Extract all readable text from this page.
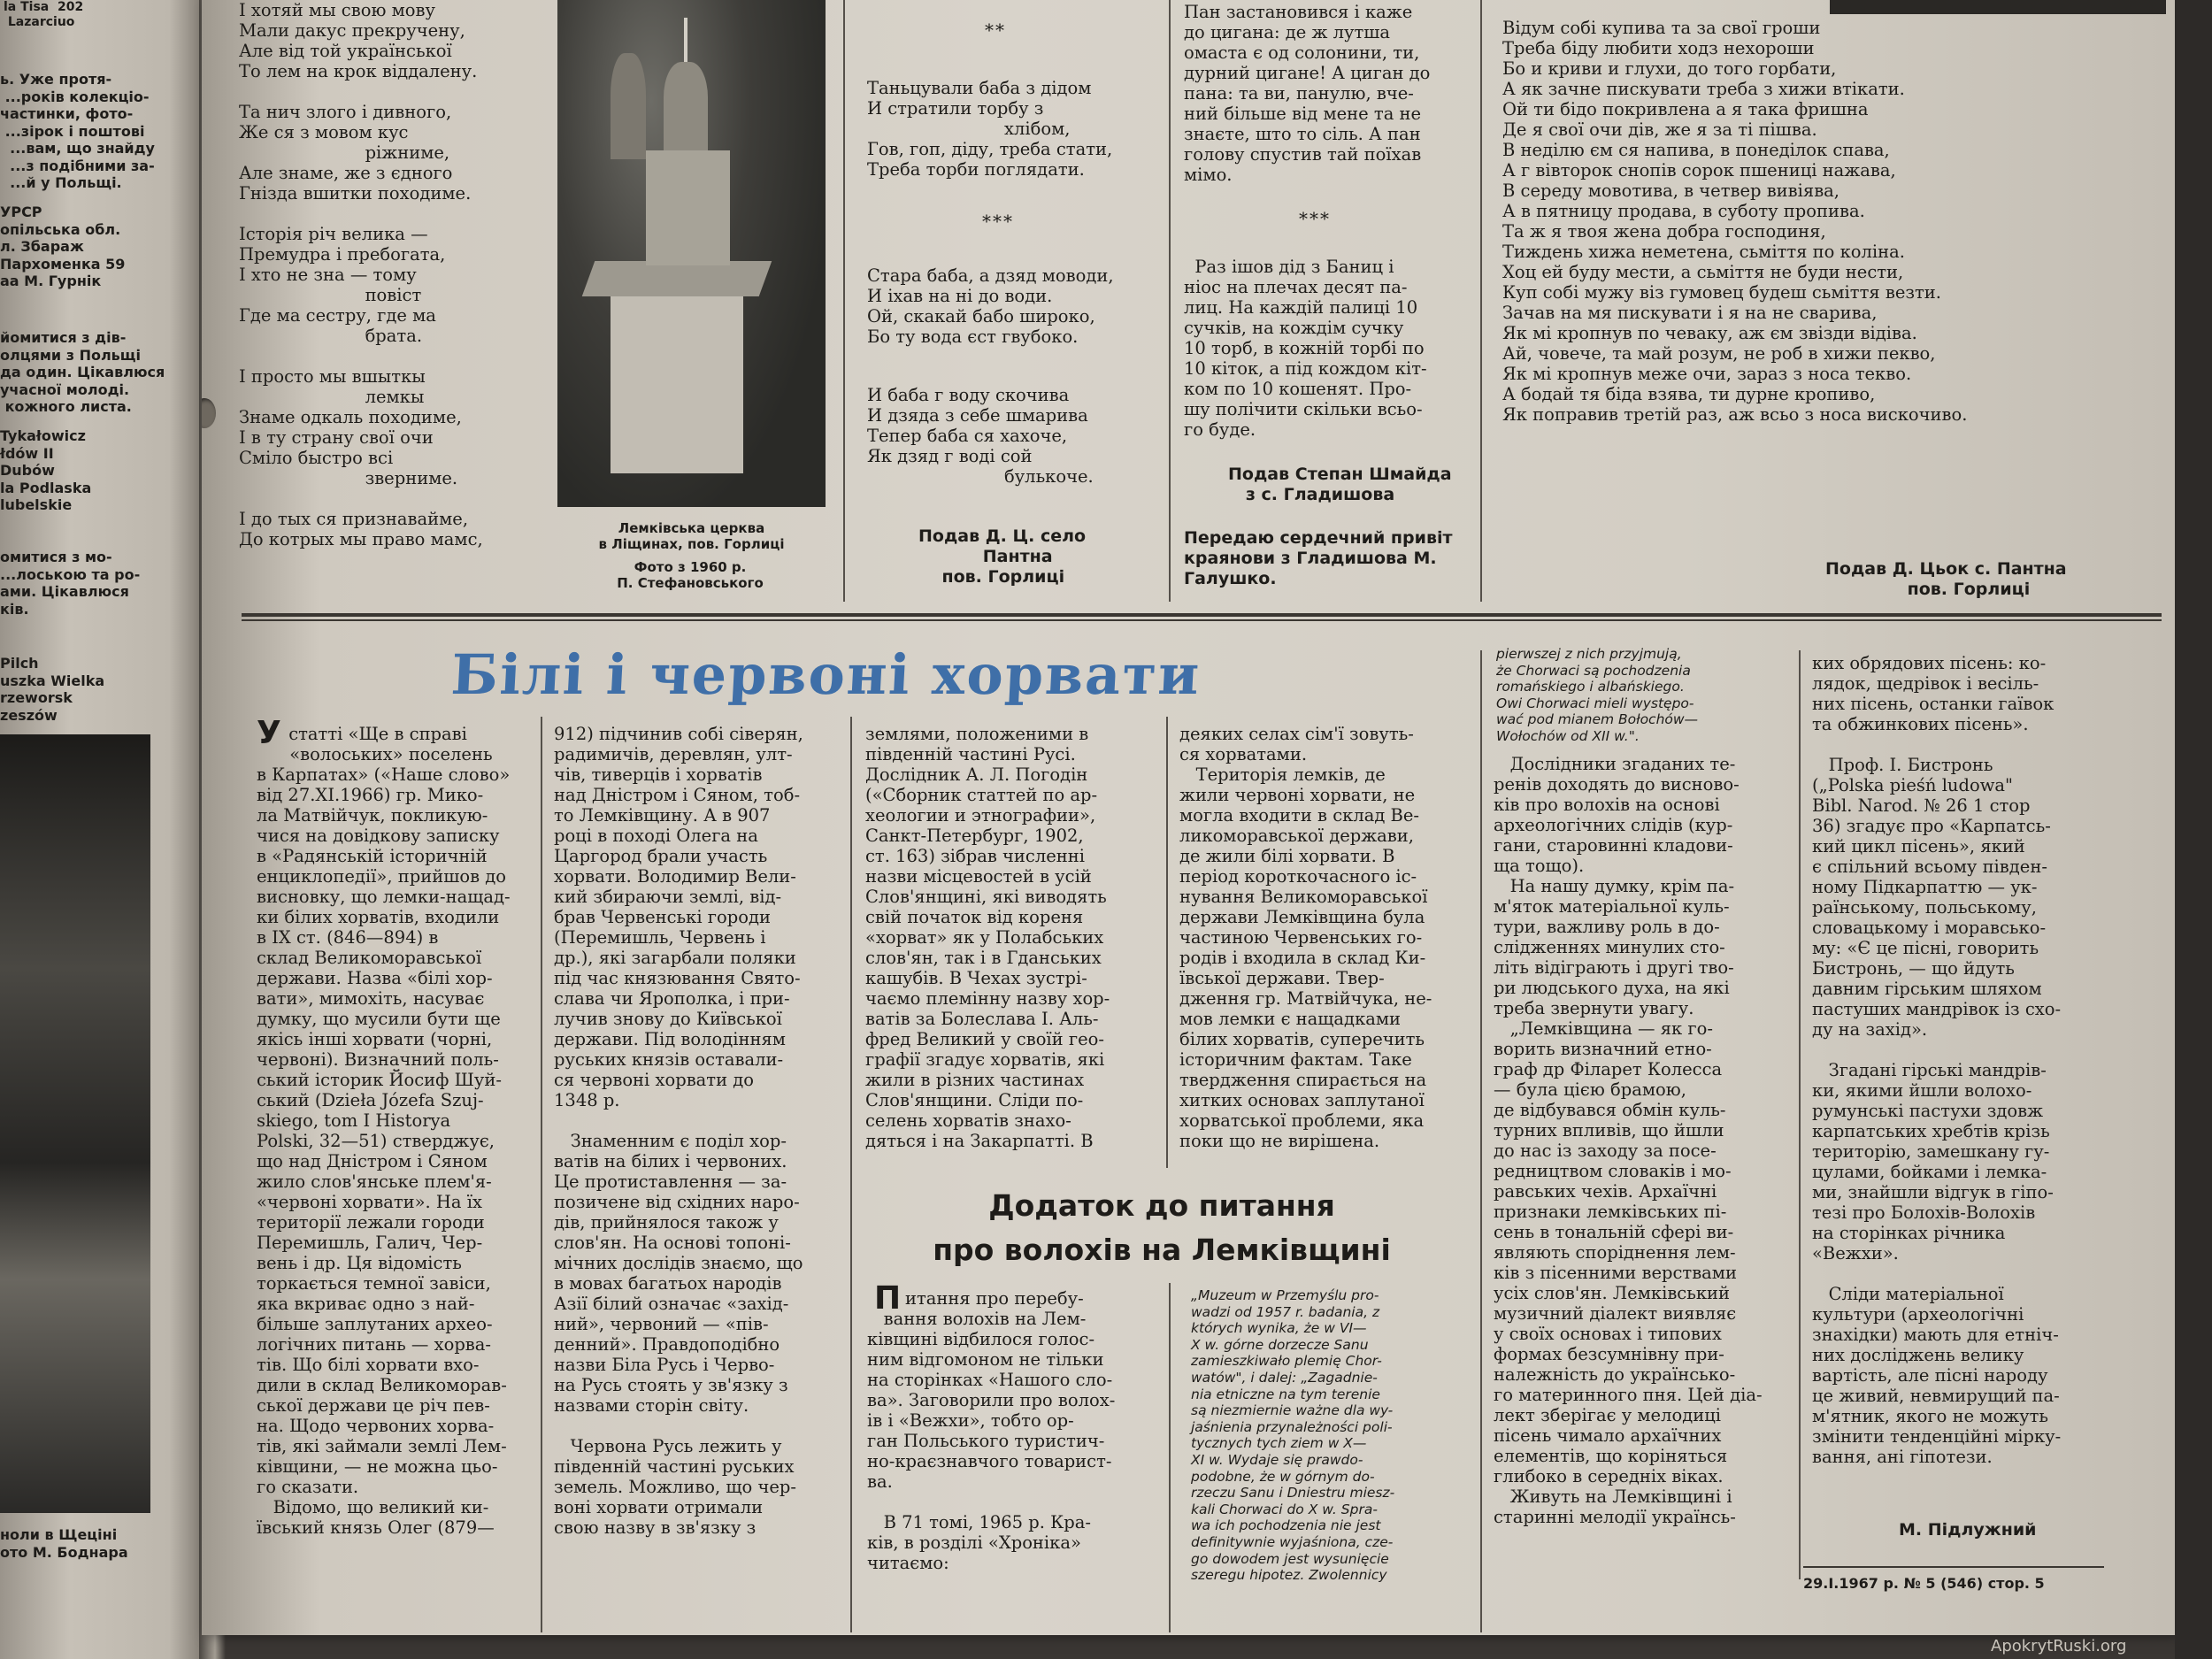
la Tisa  202
Lazarciuo
ь. Уже протя-
...років колекціо-
частинки, фото-
...зірок і поштові
...вам, що знайду
...з подібними за-
...й у Польщі.
УРСР
опільська обл.
л. Збараж
Пархоменка 59
аа М. Гурнік
йомитися з дів-
олцями з Польщі
да один. Цікавлюся
учасної молоді.
кожного листа.
Tykałowicz
łdów II
Dubów
la Podlaska
lubelskie
омитися з мо-
...лоською та ро-
ами. Цікавлюся
ків.
Pilch
uszka Wielka
rzeworsk
zeszów
ноли в Щеціні
ото М. Боднара
І хотяй мы свою мову
Мали дакус прекручену,
Але від той української
То лем на крок віддалену.

Та нич злого і дивного,
Же ся з мовом кус
ріжниме,
Але знаме, же з єдного
Гнізда вшитки походиме.

Історія річ велика —
Премудра і пребогата,
І хто не зна — тому
повіст
Где ма сестру, где ма
брата.

І просто мы вшыткы
лемкы
Знаме одкаль походиме,
І в ту страну свої очи
Сміло быстро всі
звернимe.

І до тых ся признаваймe,
До котрых мы право мамс,
Лемківська церква
в Ліщинах, пов. Горлиці
Фото з 1960 р.
П. Стефановського
**
Таньцували баба з дідом
И стратили торбу з
хлібом,
Гов, гоп, діду, треба стати,
Треба торби поглядати.
***
Стара баба, а дзяд моводи,
И іхав на ні до води.
Ой, скакай бабо широко,
Бо ту вода єст гвубоко.
И баба г воду скочива
И дзяда з себе шмарива
Тепер баба ся хахоче,
Як дзяд г воді сой
булькоче.
Подав Д. Ц. село
Пантна
пов. Горлиці
Пан застановився і каже
до цигана: де ж лутша
омаста є од солонини, ти,
дурний цигане! А циган до
пана: та ви, панулю, вче-
ний більше від мене та не
знаєте, што то сіль. А пан
голову спустив тай поїхав
мімо.
***
Раз ішов дід з Баниц і
ніос на плечах десят па-
лиц. На каждій палиці 10
сучків, на кождім сучку
10 торб, в кожній торбі по
10 кіток, а під кождом кіт-
ком по 10 кошенят. Про-
шу полічити скільки всьо-
го буде.
Подав Степан Шмайда
з с. Гладишова
Передаю сердечний привіт
краянови з Гладишова М.
Галушко.
Відум собі купива та за свої гроши
Треба біду любити ходз нехороши
Бо и криви и глухи, до того горбати,
А як зачне пискувати треба з хижи втікати.
Ой ти бідо покривлена а я така фришна
Де я свої очи дів, же я за ті пішва.
В неділю єм ся напива, в понеділок спава,
А г вівторок снопів сорок пшениці нажава,
В середу мовотива, в четвер вивіява,
А в пятницу продава, в суботу пропива.
Та ж я твоя жена добра господиня,
Тиждень хижа неметена, сьміття по коліна.
Хоц ей буду мести, а сьміття не буди нести,
Куп собі мужу віз гумовец будеш сьміття везти.
Зачав на мя пискувати і я на не сварива,
Як мі кропнув по чеваку, аж єм звізди відiва.
Ай, човече, та май розум, не роб в хижи пекво,
Як мі кропнув меже очи, зараз з носа текво.
А бодай тя біда взява, ти дурне кропиво,
Як поправив третій раз, аж всьо з носа вискочиво.
Подав Д. Цьок с. Пантна
пов. Горлиці
Білі і червоні хорвати
У статті «Ще в справі
«волоських» поселень
в Карпатах» («Наше слово»
від 27.XI.1966) гр. Мико-
ла Матвійчук, покликую-
чися на довідкову записку
в «Радянській історичній
енциклопедії», прийшов до
висновку, що лемки-нащад-
ки білих хорватів, входили
в IX ст. (846—894) в
склад Великоморавської
держави. Назва «білі хор-
вати», мимохіть, насуває
думку, що мусили бути ще
якісь інші хорвати (чорні,
червоні). Визначний поль-
ський історик Йосиф Шуй-
ський (Dzieła Józefa Szuj-
skiego, tom I Historya
Polski, 32—51) стверджує,
що над Дністром і Сяном
жило слов'янське плем'я-
«червоні хорвати». На їх
території лежали городи
Перемишль, Галич, Чер-
вень і др. Ця відомість
торкається темної завіси,
яка вкриває одно з най-
більше заплутаних архео-
логічних питань — хорва-
тів. Що білі хорвати вхо-
дили в склад Великоморав-
ської держави це річ пев-
на. Щодо червоних хорва-
тів, які займали землі Лем-
ківщини, — не можна цьо-
го сказати.
Відомо, що великий ки-
ївський князь Олег (879—
912) підчинив собі сіверян,
радимичів, деревлян, улт-
чів, тиверців і хорватів
над Дністром і Сяном, тоб-
то Лемківщину. А в 907
році в поході Олега на
Царгород брали участь
хорвати. Володимир Вели-
кий збираючи землі, від-
брав Червенські городи
(Перемишль, Червень і
др.), які загарбали поляки
під час князювання Свято-
слава чи Ярополка, і при-
лучив знову до Київської
держави. Під володінням
руських князів оставали-
ся червоні хорвати до
1348 р.

Знаменним є поділ хор-
ватів на білих і червоних.
Це протиставлення — за-
позичене від східних наро-
дів, прийнялося також у
слов'ян. На основі топоні-
мічних дослідів знаємо, що
в мовах багатьох народів
Азії білий означає «захід-
ний», червоний — «пів-
денний». Правдоподібно
назви Біла Русь і Черво-
на Русь стоять у зв'язку з
назвами сторін світу.

Червона Русь лежить у
південній частині руських
земель. Можливо, що чер-
воні хорвати отримали
свою назву в зв'язку з
землями, положеними в
південній частині Русі.
Дослідник А. Л. Погодін
(«Сборник статтей по ар-
хеологии и этнографии»,
Санкт-Петербург, 1902,
ст. 163) зібрав численні
назви місцевостей в усій
Слов'янщині, які виводять
свій початок від кореня
«хорват» як у Полабських
слов'ян, так і в Гданських
кашубів. В Чехах зустрі-
чаємо племінну назву хор-
ватів за Болеслава І. Аль-
фред Великий у своїй гео-
графії згадує хорватів, які
жили в різних частинах
Слов'янщини. Сліди по-
селень хорватів знахо-
дяться і на Закарпатті. В
деяких селах сім'ї зовуть-
ся хорватами.
Територія лемків, де
жили червоні хорвати, не
могла входити в склад Ве-
ликоморавської держави,
де жили білі хорвати. В
період короткочасного іс-
нування Великоморавської
держави Лемківщина була
частиною Червенських го-
родів і входила в склад Ки-
ївської держави. Твер-
дження гр. Матвійчука, не-
мов лемки є нащадками
білих хорватів, суперечить
історичним фактам. Таке
твердження спирається на
хитких основах заплутаної
хорватської проблеми, яка
поки що не вирішена.
Додаток до питання
про волохів на Лемківщині
П итання про перебу-
вання волохів на Лем-
ківщині відбилося голос-
ним відгомоном не тільки
на сторінках «Нашого сло-
ва». Заговорили про волох-
ів і «Вежхи», тобто ор-
ган Польського туристич-
но-краєзнавчого товарист-
ва.

В 71 томі, 1965 р. Кра-
ків, в розділі «Хроніка»
читаємо:
„Muzeum w Przemyślu pro-
wadzi od 1957 r. badania, z
których wynika, że w VI—
X w. górne dorzecze Sanu
zamieszkiwało plemię Chor-
watów", i dalej: „Zagadnie-
nia etniczne na tym terenie
są niezmiernie ważne dla wy-
jaśnienia przynależności poli-
tycznych tych ziem w X—
XI w. Wydaje się prawdo-
podobne, że w górnym do-
rzeczu Sanu i Dniestru miesz-
kali Chorwaci do X w. Spra-
wa ich pochodzenia nie jest
definitywnie wyjaśniona, cze-
go dowodem jest wysunięcie
szeregu hipotez. Zwolennicy
pierwszej z nich przyjmują,
że Chorwaci są pochodzenia
romańskiego i albańskiego.
Owi Chorwaci mieli występo-
wać pod mianem Bołochów—
Wołochów od XII w.".
Дослідники згаданих те-
ренів доходять до висново-
ків про волохів на основі
археологічних слідів (кур-
гани, старовинні кладови-
ща тощо).
На нашу думку, крім па-
м'яток матеріальної куль-
тури, важливу роль в до-
слідженнях минулих сто-
літь відіграють і другі тво-
ри людського духа, на які
треба звернути увагу.
„Лемківщина — як го-
ворить визначний етно-
граф др Філарет Колесса
— була цією брамою,
де відбувався обмін куль-
турних впливів, що йшли
до нас із заходу за посе-
редництвом словаків і мо-
равських чехів. Архаїчні
признаки лемківських пі-
сень в тональній сфері ви-
являють споріднення лем-
ків з пісенними верствами
усіх слов'ян. Лемківський
музичний діалект виявляє
у своїх основах і типових
формах безсумнівну при-
належність до українсько-
го материнного пня. Цей діа-
лект зберігає у мелодиці
пісень чимало архаїчних
елементів, що коріняться
глибоко в середніх віках.
Живуть на Лемківщині і
старинні мелодії українсь-
ких обрядових пісень: ко-
лядок, щедрівок і весіль-
них пісень, останки гаївок
та обжинкових пісень».

Проф. І. Бистронь
(„Polska pieśń ludowa"
Bibl. Narod. № 26 1 стор
36) згадує про «Карпатсь-
кий цикл пісень», який
є спільний всьому півден-
ному Підкарпаттю — ук-
раїнському, польському,
словацькому і моравсько-
му: «Є це пісні, говорить
Бистронь, — що йдуть
давним гірським шляхом
пастуших мандрівок із схо-
ду на захід».

Згадані гірські мандрів-
ки, якими йшли волохо-
румунські пастухи здовж
карпатських хребтів крізь
територію, замешкану гу-
цулами, бойками і лемка-
ми, знайшли відгук в гіпо-
тезі про Болохів-Волохів
на сторінках річника
«Вежхи».

Сліди матеріальної
культури (археологічні
знахідки) мають для етніч-
них досліджень велику
вартість, але пісні народу
це живий, невмирущий па-
м'ятник, якого не можуть
змінити тенденційні мірку-
вання, ані гіпотези.
М. Підлужний
29.І.1967 р. № 5 (546) стор. 5
ApokrytRuski.org
